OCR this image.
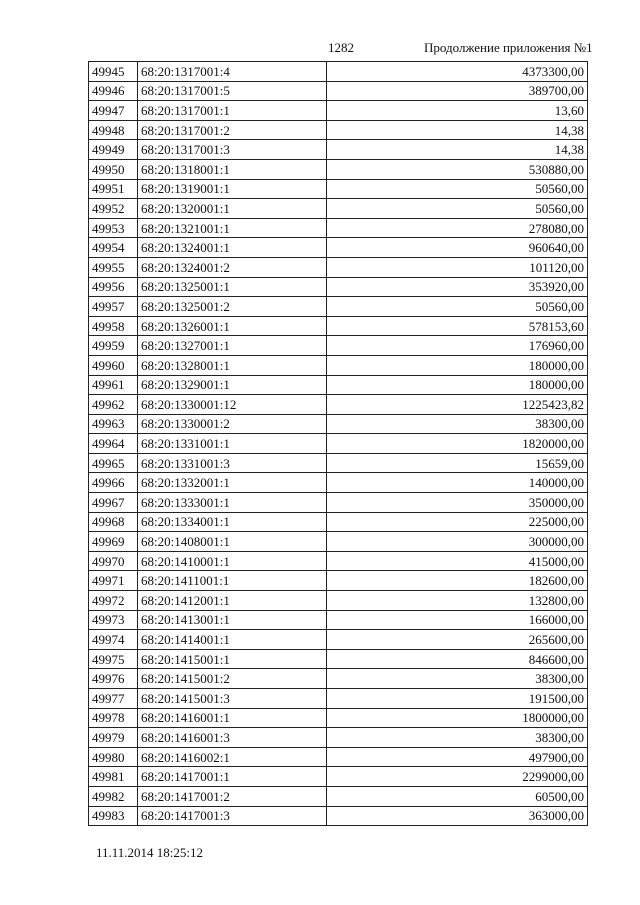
1282	Продолжение приложения №1
49945	68:20:1317001:4	4373300,00
49946	68:20:1317001:5	389700,00
49947	68:20:1317001:1	13,60
49948	68:20:1317001:2	14,38
49949	68:20:1317001:3	14,38
49950	68:20:1318001:1	530880,00
49951	68:20:1319001:1	50560,00
49952	68:20:1320001:1	50560,00
49953	68:20:1321001:1	278080,00
49954	68:20:1324001:1	960640,00
49955	68:20:1324001:2	101120,00
49956	68:20:1325001:1	353920,00
49957	68:20:1325001:2	50560,00
49958	68:20:1326001:1	578153,60
49959	68:20:1327001:1	176960,00
49960	68:20:1328001:1	180000,00
49961	68:20:1329001:1	180000,00
49962	68:20:1330001:12	1225423,82
49963	68:20:1330001:2	38300,00
49964	68:20:1331001:1	1820000,00
49965	68:20:1331001:3	15659,00
49966	68:20:1332001:1	140000,00
49967	68:20:1333001:1	350000,00
49968	68:20:1334001:1	225000,00
49969	68:20:1408001:1	300000,00
49970	68:20:1410001:1	415000,00
49971	68:20:1411001:1	182600,00
49972	68:20:1412001:1	132800,00
49973	68:20:1413001:1	166000,00
49974	68:20:1414001:1	265600,00
49975	68:20:1415001:1	846600,00
49976	68:20:1415001:2	38300,00
49977	68:20:1415001:3	191500,00
49978	68:20:1416001:1	1800000,00
49979	68:20:1416001:3	38300,00
49980	68:20:1416002:1	497900,00
49981	68:20:1417001:1	2299000,00
49982	68:20:1417001:2	60500,00
49983	68:20:1417001:3	363000,00
11.11.2014 18:25:12
